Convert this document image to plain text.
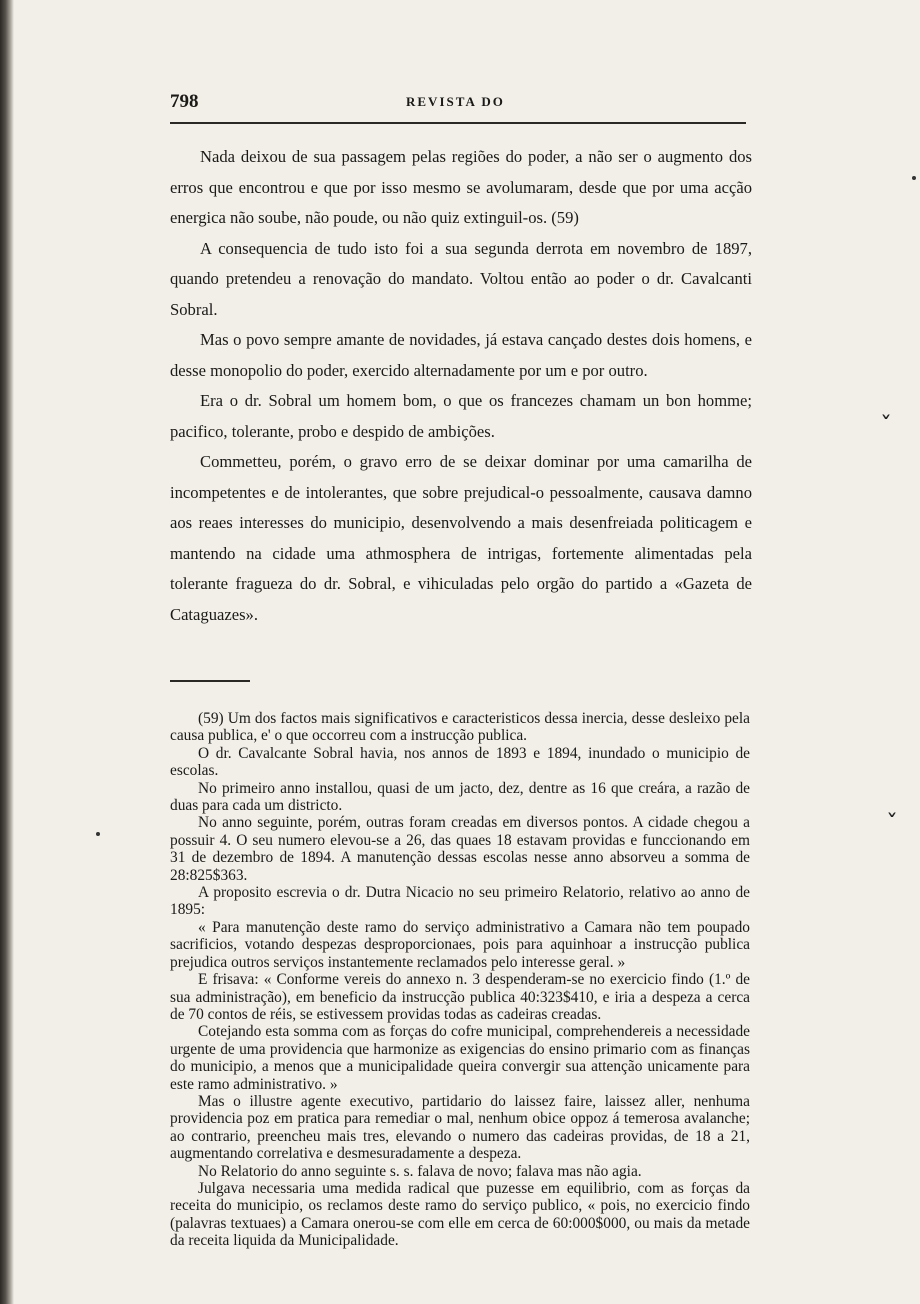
ˇ
ˇ
798	REVISTA DO

Nada deixou de sua passagem pelas regiões do poder, a não ser o augmento dos erros que encontrou e que por isso mesmo se avolumaram, desde que por uma acção energica não soube, não poude, ou não quiz extinguil-os. (59)

A consequencia de tudo isto foi a sua segunda derrota em novembro de 1897, quando pretendeu a renovação do mandato. Voltou então ao poder o dr. Cavalcanti Sobral.

Mas o povo sempre amante de novidades, já estava cançado destes dois homens, e desse monopolio do poder, exercido alternadamente por um e por outro.

Era o dr. Sobral um homem bom, o que os francezes chamam un bon homme; pacifico, tolerante, probo e despido de ambições.

Commetteu, porém, o gravo erro de se deixar dominar por uma camarilha de incompetentes e de intolerantes, que sobre prejudical-o pessoalmente, causava damno aos reaes interesses do municipio, desenvolvendo a mais desenfreiada politicagem e mantendo na cidade uma athmosphera de intrigas, fortemente alimentadas pela tolerante fragueza do dr. Sobral, e vihiculadas pelo orgão do partido a «Gazeta de Cataguazes».

(59) Um dos factos mais significativos e caracteristicos dessa inercia, desse desleixo pela causa publica, e' o que occorreu com a instrucção publica.

O dr. Cavalcante Sobral havia, nos annos de 1893 e 1894, inundado o municipio de escolas.

No primeiro anno installou, quasi de um jacto, dez, dentre as 16 que creára, a razão de duas para cada um districto.

No anno seguinte, porém, outras foram creadas em diversos pontos. A cidade chegou a possuir 4. O seu numero elevou-se a 26, das quaes 18 estavam providas e funccionando em 31 de dezembro de 1894. A manutenção dessas escolas nesse anno absorveu a somma de 28:825$363.

A proposito escrevia o dr. Dutra Nicacio no seu primeiro Relatorio, relativo ao anno de 1895:

« Para manutenção deste ramo do serviço administrativo a Camara não tem poupado sacrificios, votando despezas desproporcionaes, pois para aquinhoar a instrucção publica prejudica outros serviços instantemente reclamados pelo interesse geral. »

E frisava: « Conforme vereis do annexo n. 3 despenderam-se no exercicio findo (1.º de sua administração), em beneficio da instrucção publica 40:323$410, e iria a despeza a cerca de 70 contos de réis, se estivessem providas todas as cadeiras creadas.

Cotejando esta somma com as forças do cofre municipal, comprehendereis a necessidade urgente de uma providencia que harmonize as exigencias do ensino primario com as finanças do municipio, a menos que a municipalidade queira convergir sua attenção unicamente para este ramo administrativo. »

Mas o illustre agente executivo, partidario do laissez faire, laissez aller, nenhuma providencia poz em pratica para remediar o mal, nenhum obice oppoz á temerosa avalanche; ao contrario, preencheu mais tres, elevando o numero das cadeiras providas, de 18 a 21, augmentando correlativa e desmesuradamente a despeza.

No Relatorio do anno seguinte s. s. falava de novo; falava mas não agia.

Julgava necessaria uma medida radical que puzesse em equilibrio, com as forças da receita do municipio, os reclamos deste ramo do serviço publico, « pois, no exercicio findo (palavras textuaes) a Camara onerou-se com elle em cerca de 60:000$000, ou mais da metade da receita liquida da Municipalidade.
